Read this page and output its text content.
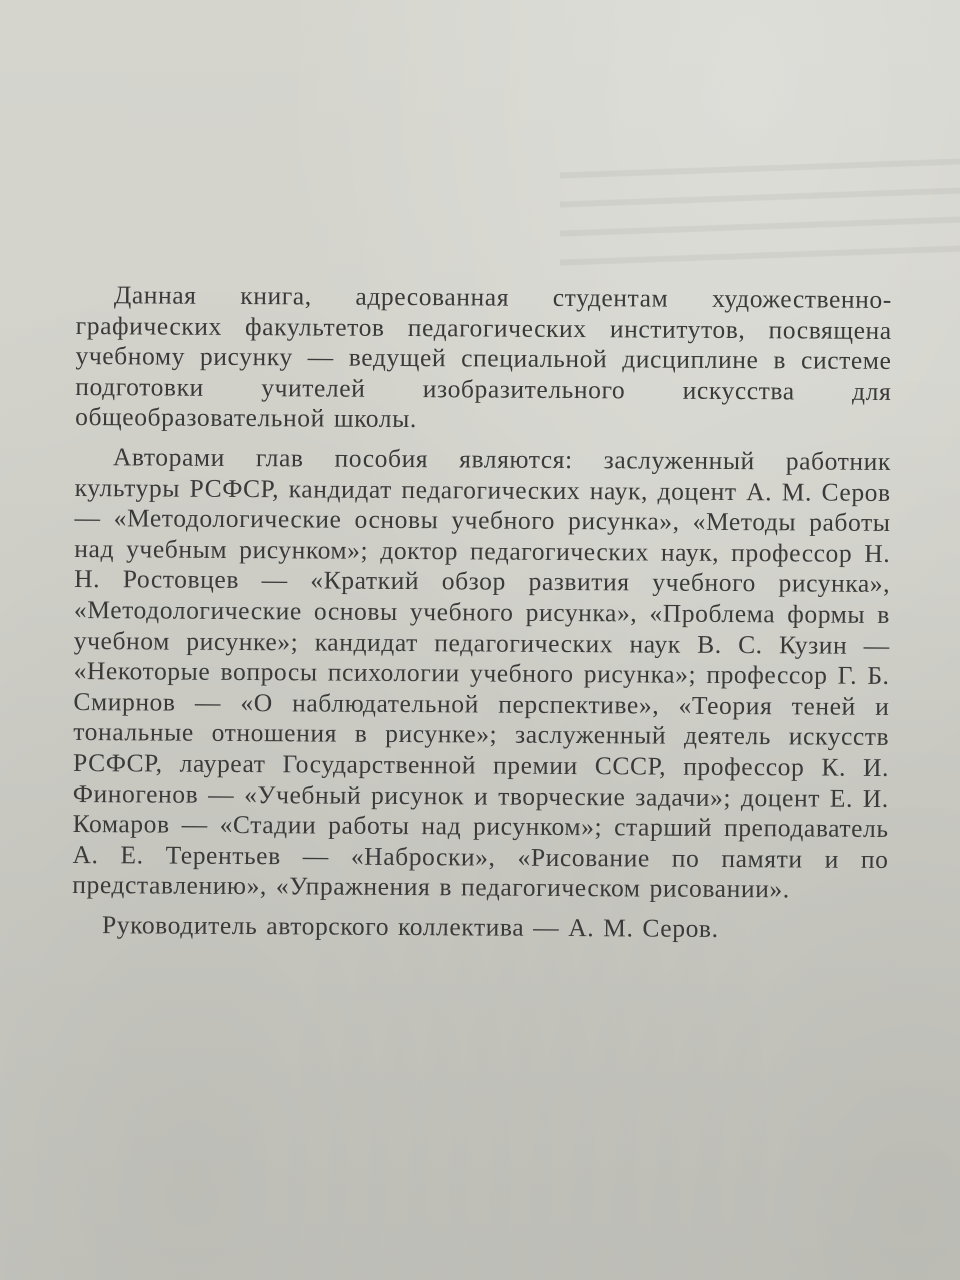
Данная книга, адресованная студентам художественно-графических факультетов педагогических институтов, посвящена учебному рисунку — ведущей специальной дисциплине в системе подготовки учителей изобразительного искусства для общеобразовательной школы.

Авторами глав пособия являются: заслуженный работник культуры РСФСР, кандидат педагогических наук, доцент А. М. Серов — «Методологические основы учебного рисунка», «Методы работы над учебным рисунком»; доктор педагогических наук, профессор Н. Н. Ростовцев — «Краткий обзор развития учебного рисунка», «Методологические основы учебного рисунка», «Проблема формы в учебном рисунке»; кандидат педагогических наук В. С. Кузин — «Некоторые вопросы психологии учебного рисунка»; профессор Г. Б. Смирнов — «О наблюдательной перспективе», «Теория теней и тональные отношения в рисунке»; заслуженный деятель искусств РСФСР, лауреат Государственной премии СССР, профессор К. И. Финогенов — «Учебный рисунок и творческие задачи»; доцент Е. И. Комаров — «Стадии работы над рисунком»; старший преподаватель А. Е. Терентьев — «Наброски», «Рисование по памяти и по представлению», «Упражнения в педагогическом рисовании».

Руководитель авторского коллектива — А. М. Серов.
